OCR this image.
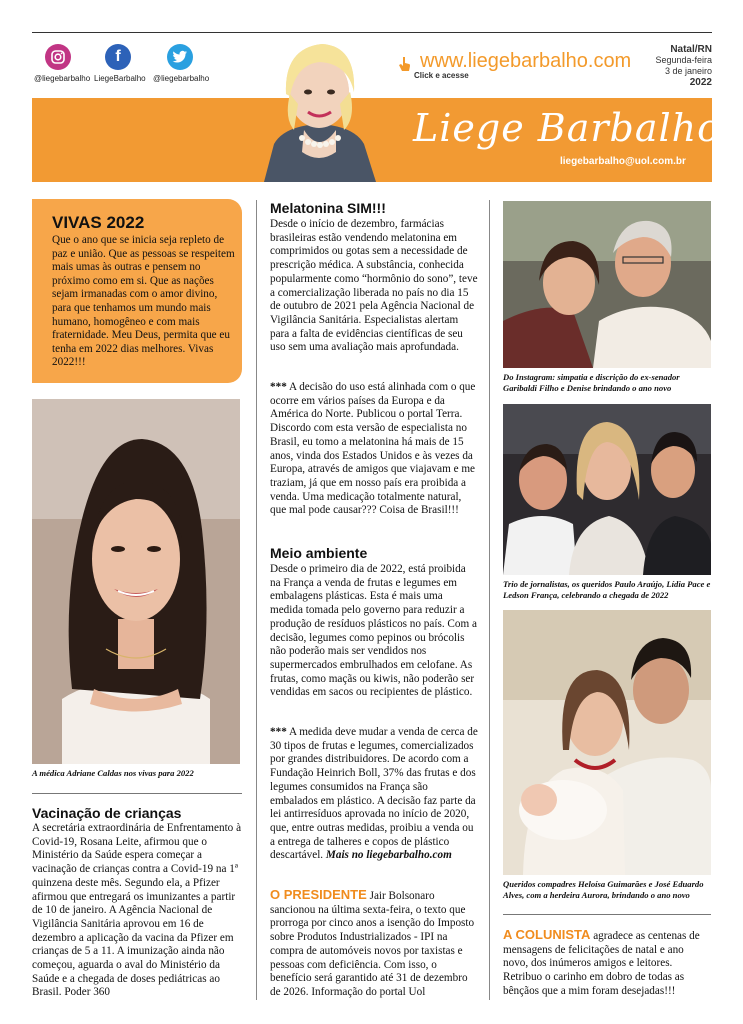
@liegebarbalho
f
LiegeBarbalho @liegebarbalho
www.liegebarbalho.com
Click e acesse
Natal/RN
Segunda-feira
3 de janeiro
2022
Liege Barbalho
liegebarbalho@uol.com.br
VIVAS 2022

Que o ano que se inicia seja repleto de paz e união. Que as pessoas se respeitem mais umas às outras e pensem no próximo como em si. Que as nações sejam irmanadas com o amor divino, para que tenhamos um mundo mais humano, homogêneo e com mais fraternidade. Meu Deus, permita que eu tenha em 2022 dias melhores. Vivas 2022!!!

A médica Adriane Caldas nos vivas para 2022
Vacinação de crianças

A secretária extraordinária de Enfrentamento à Covid-19, Rosana Leite, afirmou que o Ministério da Saúde espera começar a vacinação de crianças contra a Covid-19 na 1ª quinzena deste mês. Segundo ela, a Pfizer afirmou que entregará os imunizantes a partir de 10 de janeiro. A Agência Nacional de Vigilância Sanitária aprovou em 16 de dezembro a aplicação da vacina da Pfizer em crianças de 5 a 11. A imunização ainda não começou, aguarda o aval do Ministério da Saúde e a chegada de doses pediátricas ao Brasil. Poder 360

Melatonina SIM!!!

Desde o início de dezembro, farmácias brasileiras estão vendendo melatonina em comprimidos ou gotas sem a necessidade de prescrição médica. A substância, conhecida popularmente como “hormônio do sono”, teve a comercialização liberada no país no dia 15 de outubro de 2021 pela Agência Nacional de Vigilância Sanitária. Especialistas alertam para a falta de evidências científicas de seu uso sem uma avaliação mais aprofundada.

*** A decisão do uso está alinhada com o que ocorre em vários países da Europa e da América do Norte. Publicou o portal Terra. Discordo com esta versão de especialista no Brasil, eu tomo a melatonina há mais de 15 anos, vinda dos Estados Unidos e às vezes da Europa, através de amigos que viajavam e me traziam, já que em nosso país era proibida a venda. Uma medicação totalmente natural, que mal pode causar??? Coisa de Brasil!!!

Meio ambiente

Desde o primeiro dia de 2022, está proibida na França a venda de frutas e legumes em embalagens plásticas. Esta é mais uma medida tomada pelo governo para reduzir a produção de resíduos plásticos no país. Com a decisão, legumes como pepinos ou brócolis não poderão mais ser vendidos nos supermercados embrulhados em celofane. As frutas, como maçãs ou kiwis, não poderão ser vendidas em sacos ou recipientes de plástico.

*** A medida deve mudar a venda de cerca de 30 tipos de frutas e legumes, comercializados por grandes distribuidores. De acordo com a Fundação Heinrich Boll, 37% das frutas e dos legumes consumidos na França são embalados em plástico. A decisão faz parte da lei antirresíduos aprovada no início de 2020, que, entre outras medidas, proibiu a venda ou a entrega de talheres e copos de plástico descartável. Mais no liegebarbalho.com

O PRESIDENTE Jair Bolsonaro sancionou na última sexta-feira, o texto que prorroga por cinco anos a isenção do Imposto sobre Produtos Industrializados - IPI na compra de automóveis novos por taxistas e pessoas com deficiência. Com isso, o benefício será garantido até 31 de dezembro de 2026. Informação do portal Uol

Do Instagram: simpatia e discrição do ex-senador Garibaldi Filho e Denise brindando o ano novo
Trio de jornalistas, os queridos Paulo Araújo, Lídia Pace e Ledson França, celebrando a chegada de 2022
Queridos compadres Heloísa Guimarães e José Eduardo Alves, com a herdeira Aurora, brindando o ano novo

A COLUNISTA agradece as centenas de mensagens de felicitações de natal e ano novo, dos inúmeros amigos e leitores. Retribuo o carinho em dobro de todas as bênçãos que a mim foram desejadas!!!
